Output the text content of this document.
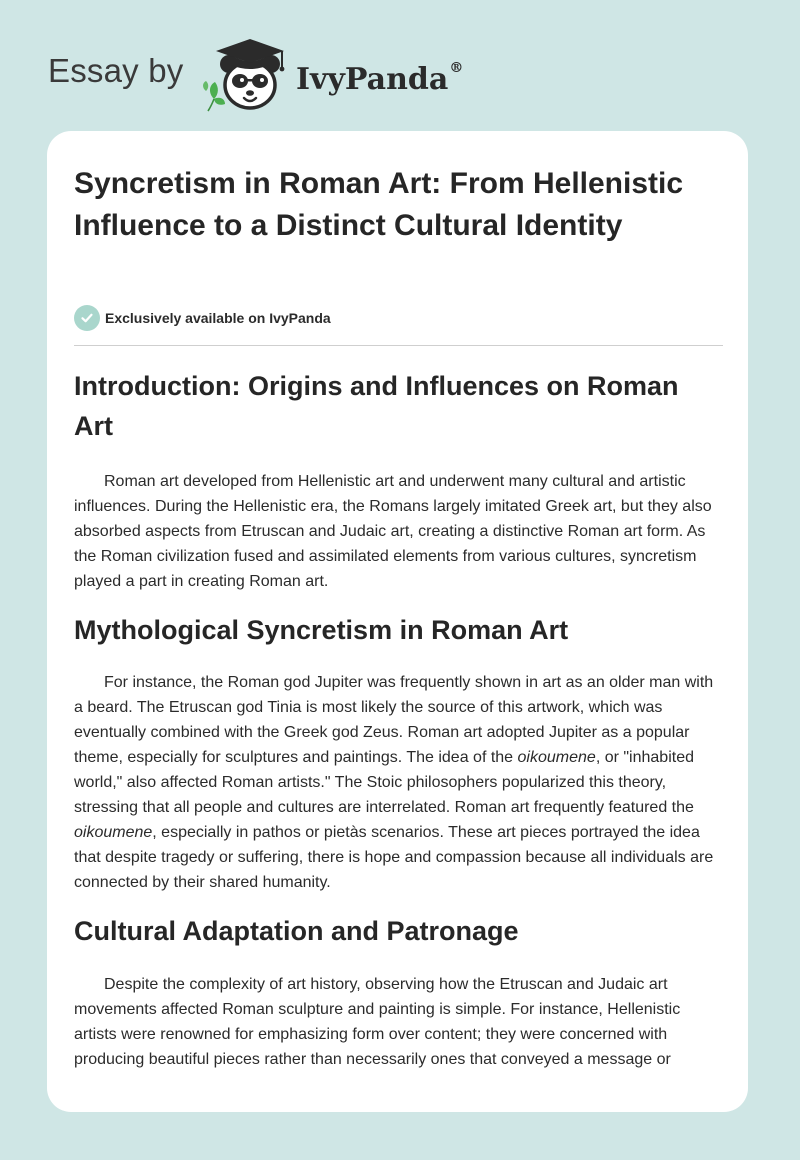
Essay by	IvyPanda®
Syncretism in Roman Art: From Hellenistic Influence to a Distinct Cultural Identity
Exclusively available on IvyPanda
Introduction: Origins and Influences on Roman Art

Roman art developed from Hellenistic art and underwent many cultural and artistic influences. During the Hellenistic era, the Romans largely imitated Greek art, but they also absorbed aspects from Etruscan and Judaic art, creating a distinctive Roman art form. As the Roman civilization fused and assimilated elements from various cultures, syncretism played a part in creating Roman art.

Mythological Syncretism in Roman Art

For instance, the Roman god Jupiter was frequently shown in art as an older man with a beard. The Etruscan god Tinia is most likely the source of this artwork, which was eventually combined with the Greek god Zeus. Roman art adopted Jupiter as a popular theme, especially for sculptures and paintings. The idea of the oikoumene, or "inhabited world," also affected Roman artists." The Stoic philosophers popularized this theory, stressing that all people and cultures are interrelated. Roman art frequently featured the oikoumene, especially in pathos or pietàs scenarios. These art pieces portrayed the idea that despite tragedy or suffering, there is hope and compassion because all individuals are connected by their shared humanity.

Cultural Adaptation and Patronage

Despite the complexity of art history, observing how the Etruscan and Judaic art movements affected Roman sculpture and painting is simple. For instance, Hellenistic artists were renowned for emphasizing form over content; they were concerned with producing beautiful pieces rather than necessarily ones that conveyed a message or
